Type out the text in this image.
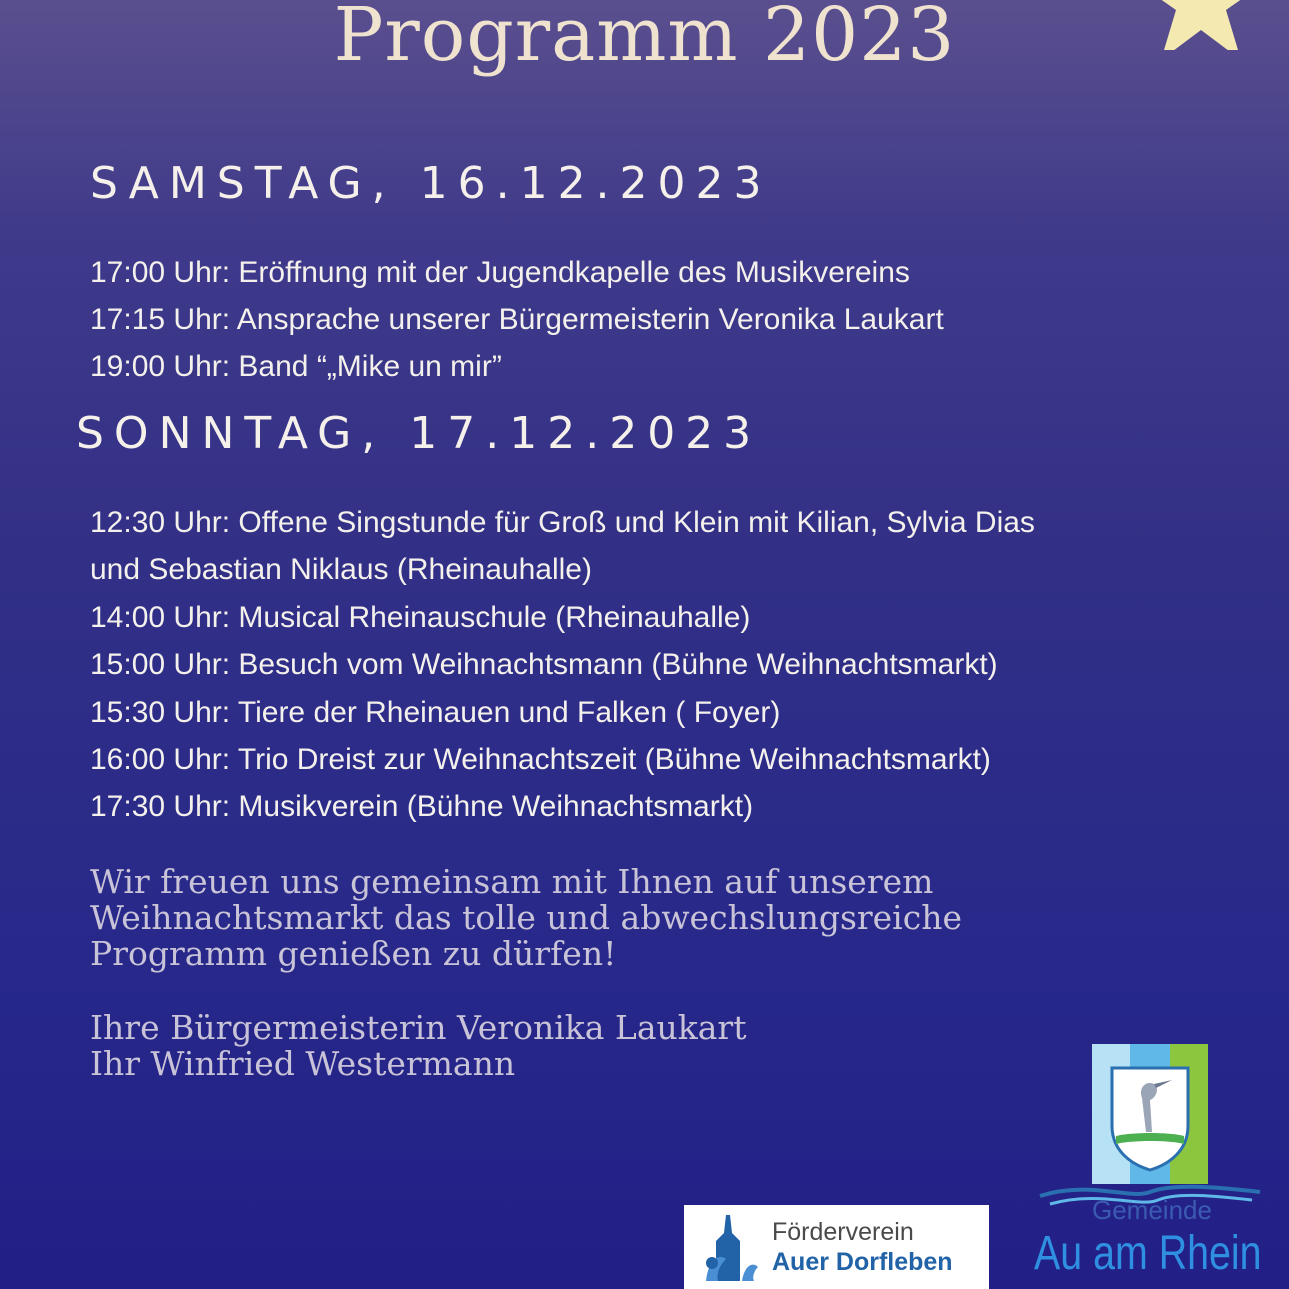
Programm 2023
SAMSTAG, 16.12.2023
17:00 Uhr: Eröffnung mit der Jugendkapelle des Musikvereins
17:15 Uhr: Ansprache unserer Bürgermeisterin Veronika Laukart
19:00 Uhr: Band “„Mike un mir”
SONNTAG, 17.12.2023
12:30 Uhr: Offene Singstunde für Groß und Klein mit Kilian, Sylvia Dias
und Sebastian Niklaus (Rheinauhalle)
14:00 Uhr: Musical Rheinauschule (Rheinauhalle)
15:00 Uhr: Besuch vom Weihnachtsmann (Bühne Weihnachtsmarkt)
15:30 Uhr: Tiere der Rheinauen und Falken ( Foyer)
16:00 Uhr: Trio Dreist zur Weihnachtszeit (Bühne Weihnachtsmarkt)
17:30 Uhr: Musikverein (Bühne Weihnachtsmarkt)
Wir freuen uns gemeinsam mit Ihnen auf unserem
Weihnachtsmarkt das tolle und abwechslungsreiche
Programm genießen zu dürfen!
Ihre Bürgermeisterin Veronika Laukart
Ihr Winfried Westermann
Förderverein
Auer Dorfleben
Gemeinde
Au am Rhein
